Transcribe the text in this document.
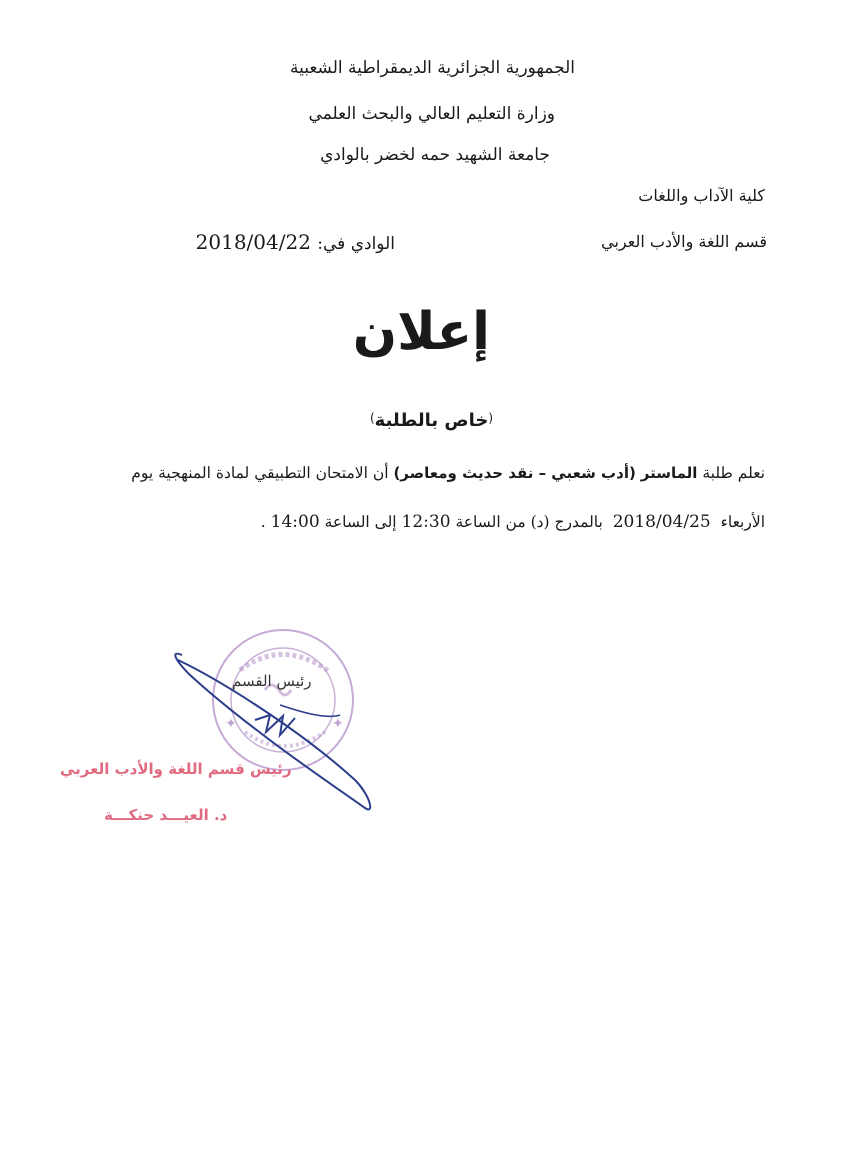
الجمهورية الجزائرية الديمقراطية الشعبية
وزارة التعليم العالي والبحث العلمي
جامعة الشهيد حمه لخضر بالوادي
كلية الآداب واللغات
قسم اللغة والأدب العربي
الوادي في: 2018/04/22
إعلان
(خاص بالطلبة)
نعلم طلبة الماستر (أدب شعبي – نقد حديث ومعاصر) أن الامتحان التطبيقي لمادة المنهجية يوم
الأربعاء  2018/04/25  بالمدرج (د) من الساعة 12:30 إلى الساعة 14:00 .
✦	✦
رئيس القسم
رئيس قسم اللغة والأدب العربي
د. العيـــد حنكـــة
